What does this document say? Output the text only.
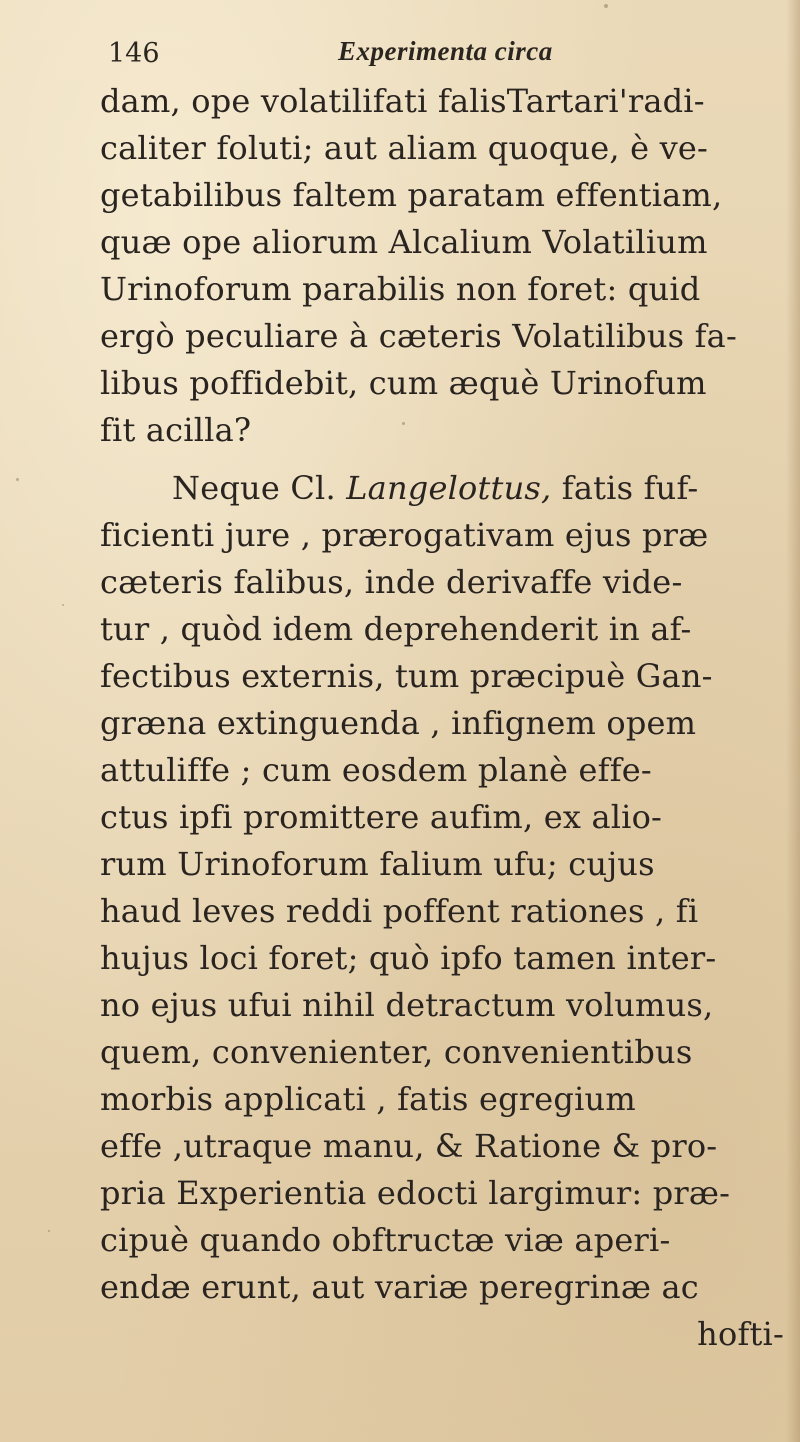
146	Experimenta circa
dam, ope volatilifati falisTartari'radi-
caliter foluti; aut aliam quoque, è ve-
getabilibus faltem paratam effentiam,
quæ ope aliorum Alcalium Volatilium
Urinoforum parabilis non foret: quid
ergò peculiare à cæteris Volatilibus fa-
libus poffidebit, cum æquè Urinofum
fit acilla?
Neque Cl. Langelottus, fatis fuf-
ficienti jure , prærogativam ejus præ
cæteris falibus, inde derivaffe vide-
tur , quòd idem deprehenderit in af-
fectibus externis, tum præcipuè Gan-
græna extinguenda , infignem opem
attuliffe ; cum eosdem planè effe-
ctus ipfi promittere aufim, ex alio-
rum Urinoforum falium ufu; cujus
haud leves reddi poffent rationes , fi
hujus loci foret; quò ipfo tamen inter-
no ejus ufui nihil detractum volumus,
quem, convenienter, convenientibus
morbis applicati , fatis egregium
effe ,utraque manu, & Ratione & pro-
pria Experientia edocti largimur: præ-
cipuè quando obftructæ viæ aperi-
endæ erunt, aut variæ peregrinæ ac
hofti-
